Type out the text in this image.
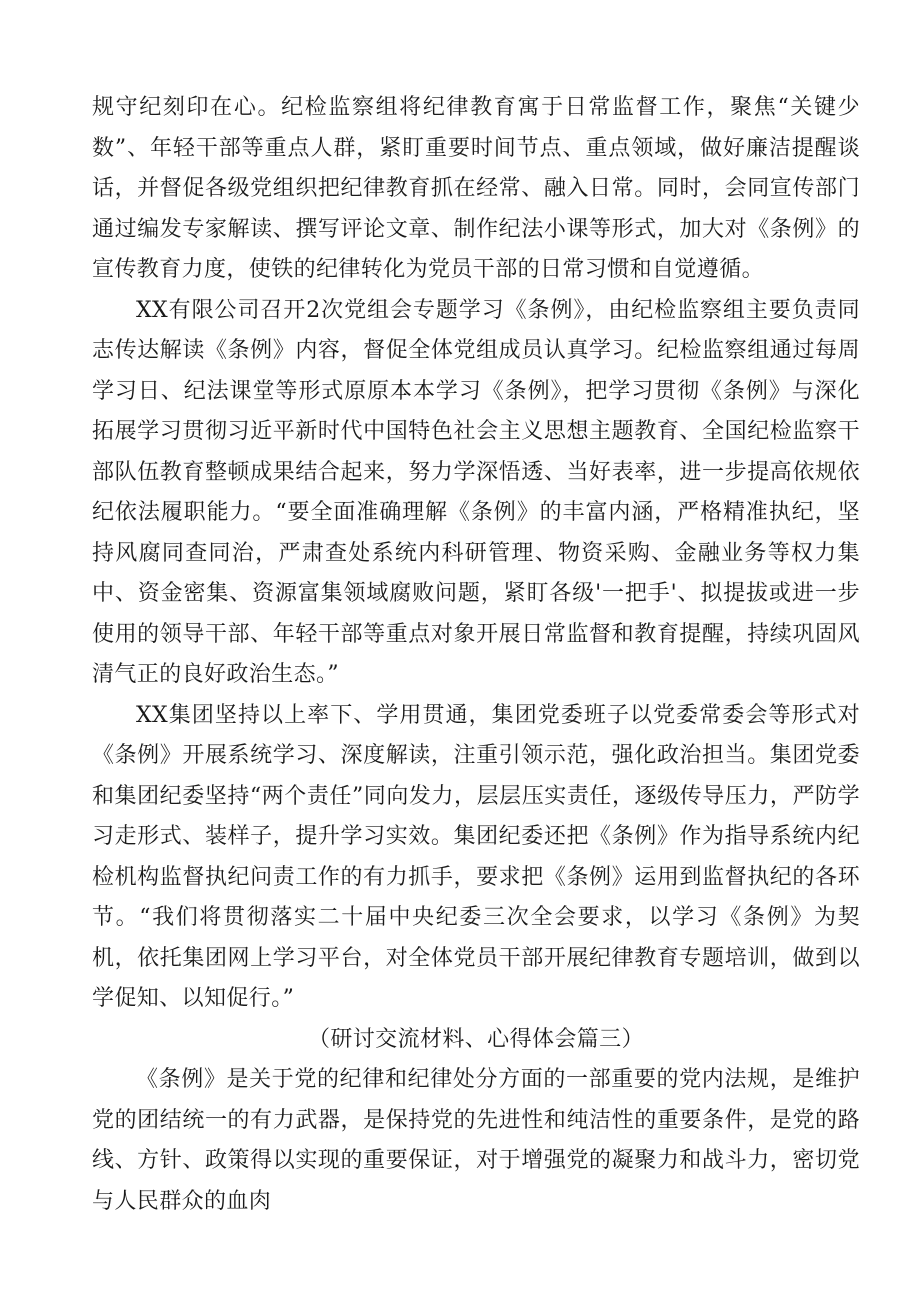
规守纪刻印在心。纪检监察组将纪律教育寓于日常监督工作，聚焦“关键少数”、年轻干部等重点人群，紧盯重要时间节点、重点领域，做好廉洁提醒谈话，并督促各级党组织把纪律教育抓在经常、融入日常。同时，会同宣传部门通过编发专家解读、撰写评论文章、制作纪法小课等形式，加大对《条例》的宣传教育力度，使铁的纪律转化为党员干部的日常习惯和自觉遵循。

XX有限公司召开2次党组会专题学习《条例》，由纪检监察组主要负责同志传达解读《条例》内容，督促全体党组成员认真学习。纪检监察组通过每周学习日、纪法课堂等形式原原本本学习《条例》，把学习贯彻《条例》与深化拓展学习贯彻习近平新时代中国特色社会主义思想主题教育、全国纪检监察干部队伍教育整顿成果结合起来，努力学深悟透、当好表率，进一步提高依规依纪依法履职能力。“要全面准确理解《条例》的丰富内涵，严格精准执纪，坚持风腐同查同治，严肃查处系统内科研管理、物资采购、金融业务等权力集中、资金密集、资源富集领域腐败问题，紧盯各级'一把手'、拟提拔或进一步使用的领导干部、年轻干部等重点对象开展日常监督和教育提醒，持续巩固风清气正的良好政治生态。”

XX集团坚持以上率下、学用贯通，集团党委班子以党委常委会等形式对《条例》开展系统学习、深度解读，注重引领示范，强化政治担当。集团党委和集团纪委坚持“两个责任”同向发力，层层压实责任，逐级传导压力，严防学习走形式、装样子，提升学习实效。集团纪委还把《条例》作为指导系统内纪检机构监督执纪问责工作的有力抓手，要求把《条例》运用到监督执纪的各环节。“我们将贯彻落实二十届中央纪委三次全会要求，以学习《条例》为契机，依托集团网上学习平台，对全体党员干部开展纪律教育专题培训，做到以学促知、以知促行。”

（研讨交流材料、心得体会篇三）

《条例》是关于党的纪律和纪律处分方面的一部重要的党内法规，是维护党的团结统一的有力武器，是保持党的先进性和纯洁性的重要条件，是党的路线、方针、政策得以实现的重要保证，对于增强党的凝聚力和战斗力，密切党与人民群众的血肉
